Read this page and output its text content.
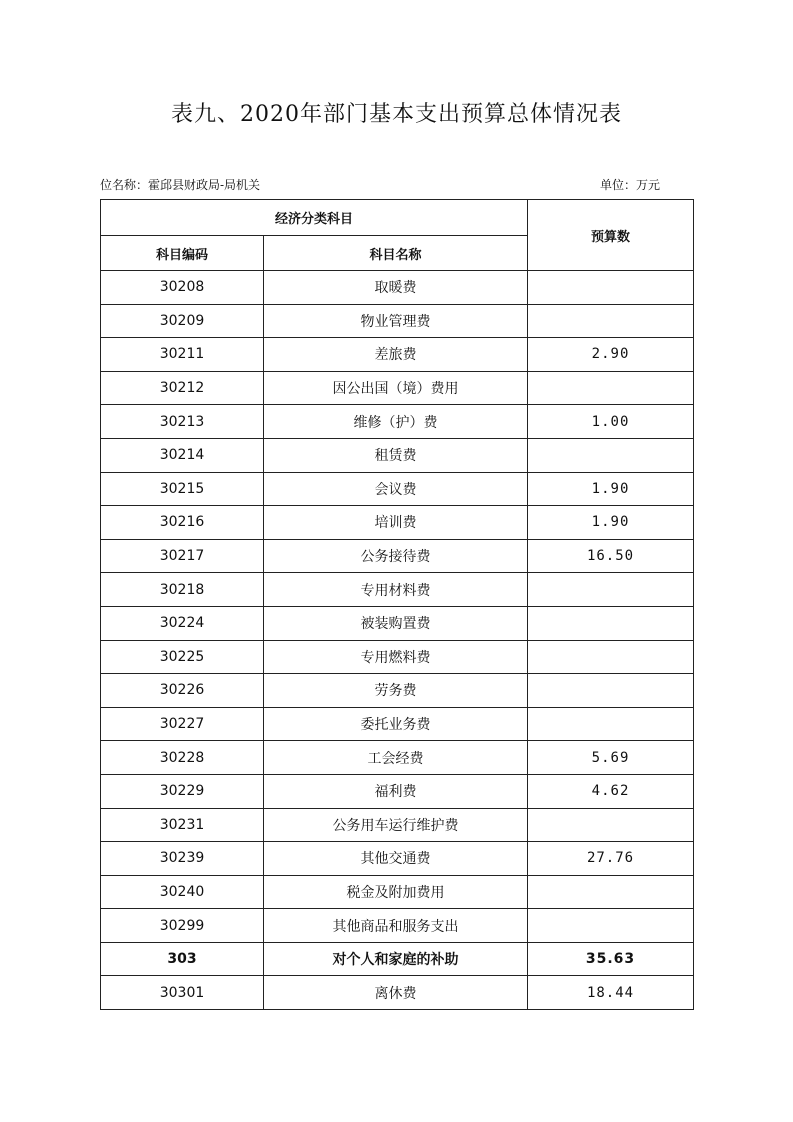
表九、2020年部门基本支出预算总体情况表
位名称：霍邱县财政局-局机关	单位：万元
经济分类科目		预算数
科目编码	科目名称	
30208	取暖费	
30209	物业管理费	
30211	差旅费	2.90
30212	因公出国（境）费用	
30213	维修（护）费	1.00
30214	租赁费	
30215	会议费	1.90
30216	培训费	1.90
30217	公务接待费	16.50
30218	专用材料费	
30224	被装购置费	
30225	专用燃料费	
30226	劳务费	
30227	委托业务费	
30228	工会经费	5.69
30229	福利费	4.62
30231	公务用车运行维护费	
30239	其他交通费	27.76
30240	税金及附加费用	
30299	其他商品和服务支出	
303	对个人和家庭的补助	35.63
30301	离休费	18.44
